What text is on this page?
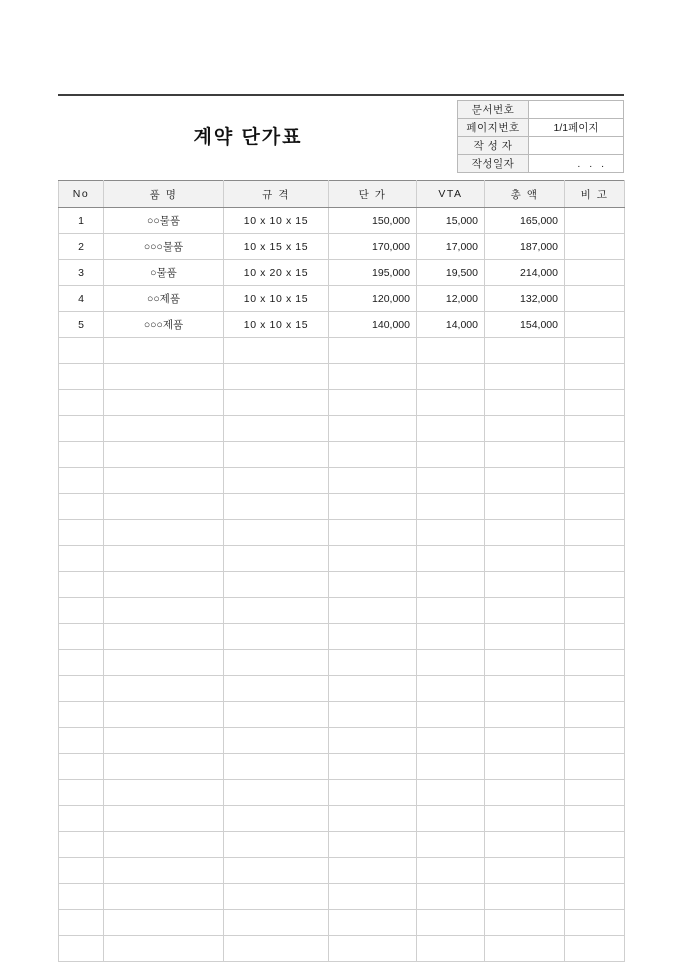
계약 단가표
문서번호	
페이지번호	1/1페이지
작 성 자	
작성일자	. . .
No	품 명	규 격	단 가	VTA	총 액	비 고
1	○○물품	10 x 10 x 15	150,000	15,000	165,000	
2	○○○물품	10 x 15 x 15	170,000	17,000	187,000	
3	○물품	10 x 20 x 15	195,000	19,500	214,000	
4	○○제품	10 x 10 x 15	120,000	12,000	132,000	
5	○○○제품	10 x 10 x 15	140,000	14,000	154,000	
